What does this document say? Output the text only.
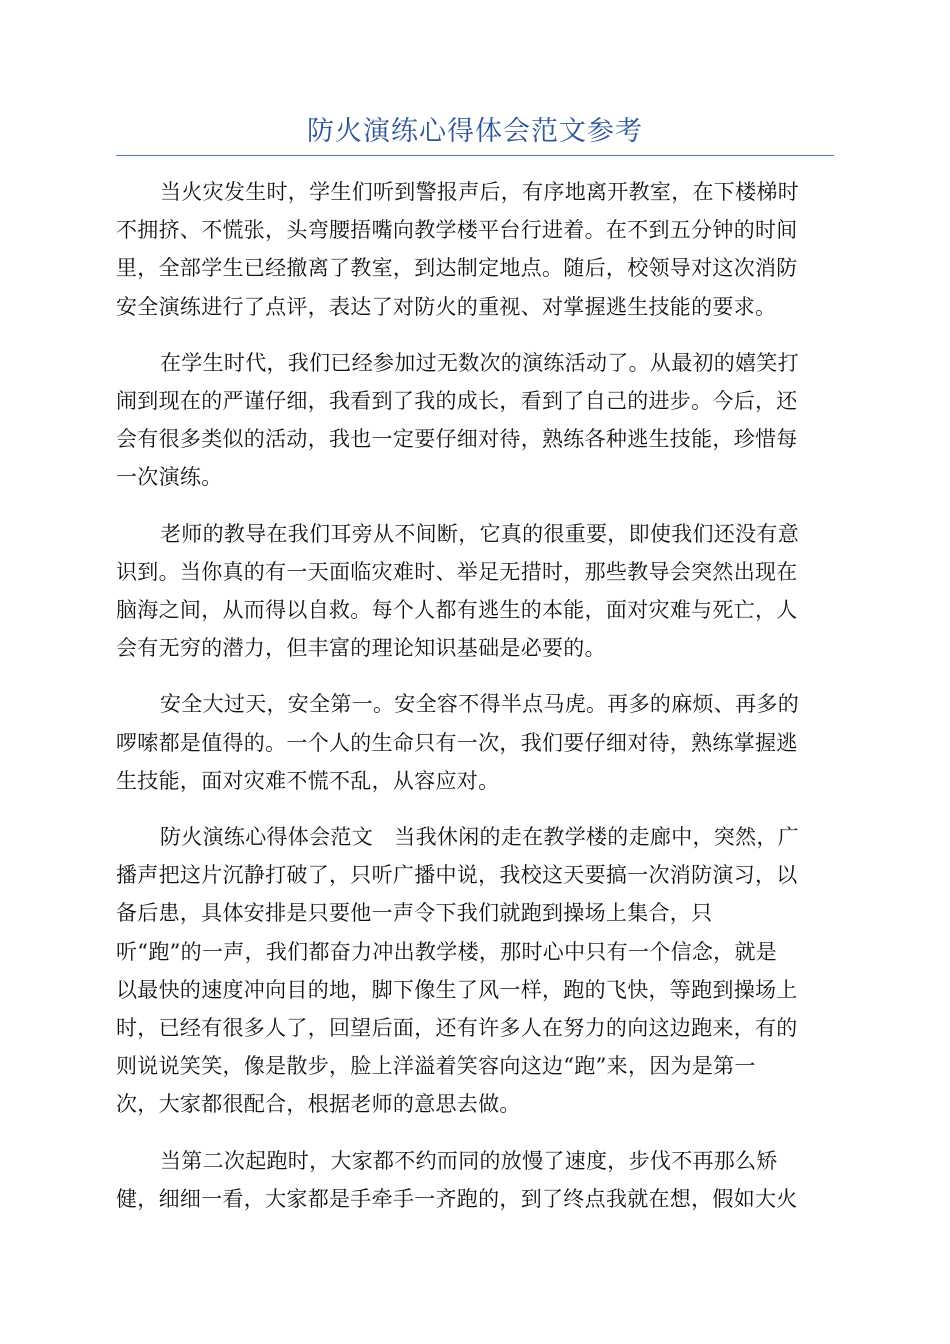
防火演练心得体会范文参考

当火灾发生时，学生们听到警报声后，有序地离开教室，在下楼梯时
不拥挤、不慌张，头弯腰捂嘴向教学楼平台行进着。在不到五分钟的时间
里，全部学生已经撤离了教室，到达制定地点。随后，校领导对这次消防
安全演练进行了点评，表达了对防火的重视、对掌握逃生技能的要求。

在学生时代，我们已经参加过无数次的演练活动了。从最初的嬉笑打
闹到现在的严谨仔细，我看到了我的成长，看到了自己的进步。今后，还
会有很多类似的活动，我也一定要仔细对待，熟练各种逃生技能，珍惜每
一次演练。

老师的教导在我们耳旁从不间断，它真的很重要，即使我们还没有意
识到。当你真的有一天面临灾难时、举足无措时，那些教导会突然出现在
脑海之间，从而得以自救。每个人都有逃生的本能，面对灾难与死亡，人
会有无穷的潜力，但丰富的理论知识基础是必要的。

安全大过天，安全第一。安全容不得半点马虎。再多的麻烦、再多的
啰嗦都是值得的。一个人的生命只有一次，我们要仔细对待，熟练掌握逃
生技能，面对灾难不慌不乱，从容应对。

防火演练心得体会范文　当我休闲的走在教学楼的走廊中，突然，广
播声把这片沉静打破了，只听广播中说，我校这天要搞一次消防演习，以
备后患，具体安排是只要他一声令下我们就跑到操场上集合，只
听“跑”的一声，我们都奋力冲出教学楼，那时心中只有一个信念，就是
以最快的速度冲向目的地，脚下像生了风一样，跑的飞快，等跑到操场上
时，已经有很多人了，回望后面，还有许多人在努力的向这边跑来，有的
则说说笑笑，像是散步，脸上洋溢着笑容向这边“跑”来，因为是第一
次，大家都很配合，根据老师的意思去做。

当第二次起跑时，大家都不约而同的放慢了速度，步伐不再那么矫
健，细细一看，大家都是手牵手一齐跑的，到了终点我就在想，假如大火
